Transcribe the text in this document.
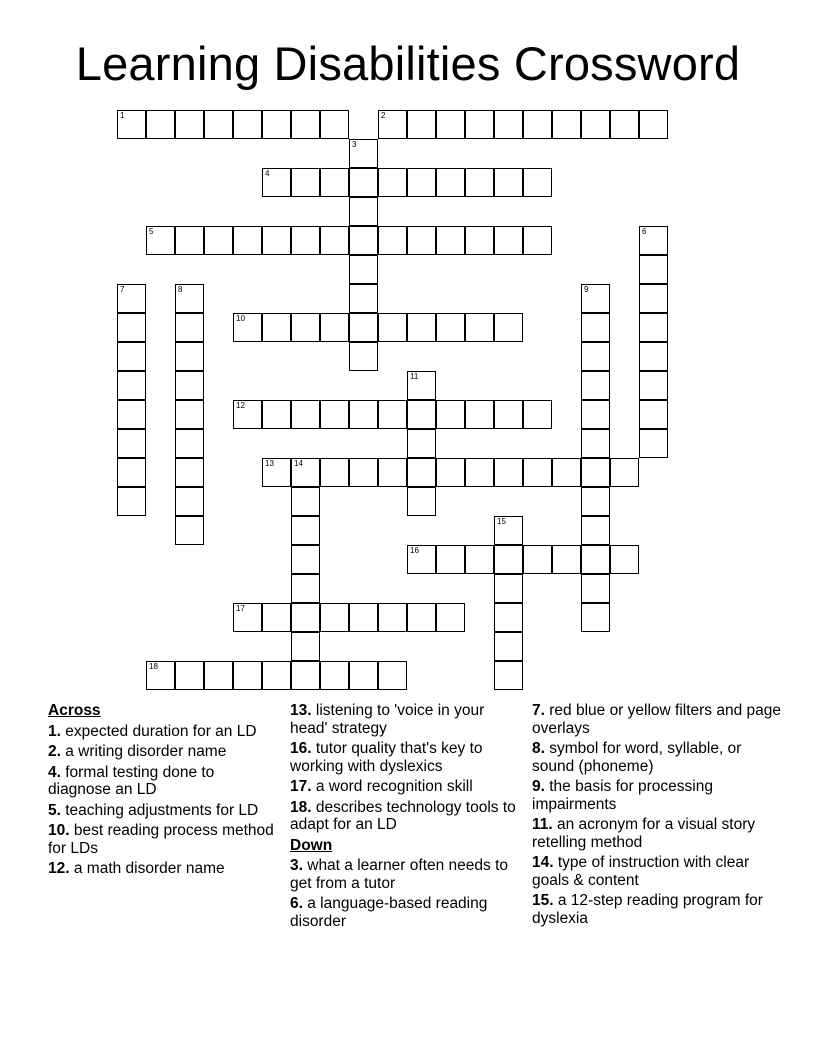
Learning Disabilities Crossword
1	2
3
4
5	6
7	8	9
10
11
12
13	14
15
16
17
18
Across
1. expected duration for an LD
2. a writing disorder name
4. formal testing done to diagnose an LD
5. teaching adjustments for LD
10. best reading process method for LDs
12. a math disorder name
13. listening to 'voice in your head' strategy
16. tutor quality that's key to working with dyslexics
17. a word recognition skill
18. describes technology tools to adapt for an LD
Down
3. what a learner often needs to get from a tutor
6. a language-based reading disorder
7. red blue or yellow filters and page overlays
8. symbol for word, syllable, or sound (phoneme)
9. the basis for processing impairments
11. an acronym for a visual story retelling method
14. type of instruction with clear goals & content
15. a 12-step reading program for dyslexia
